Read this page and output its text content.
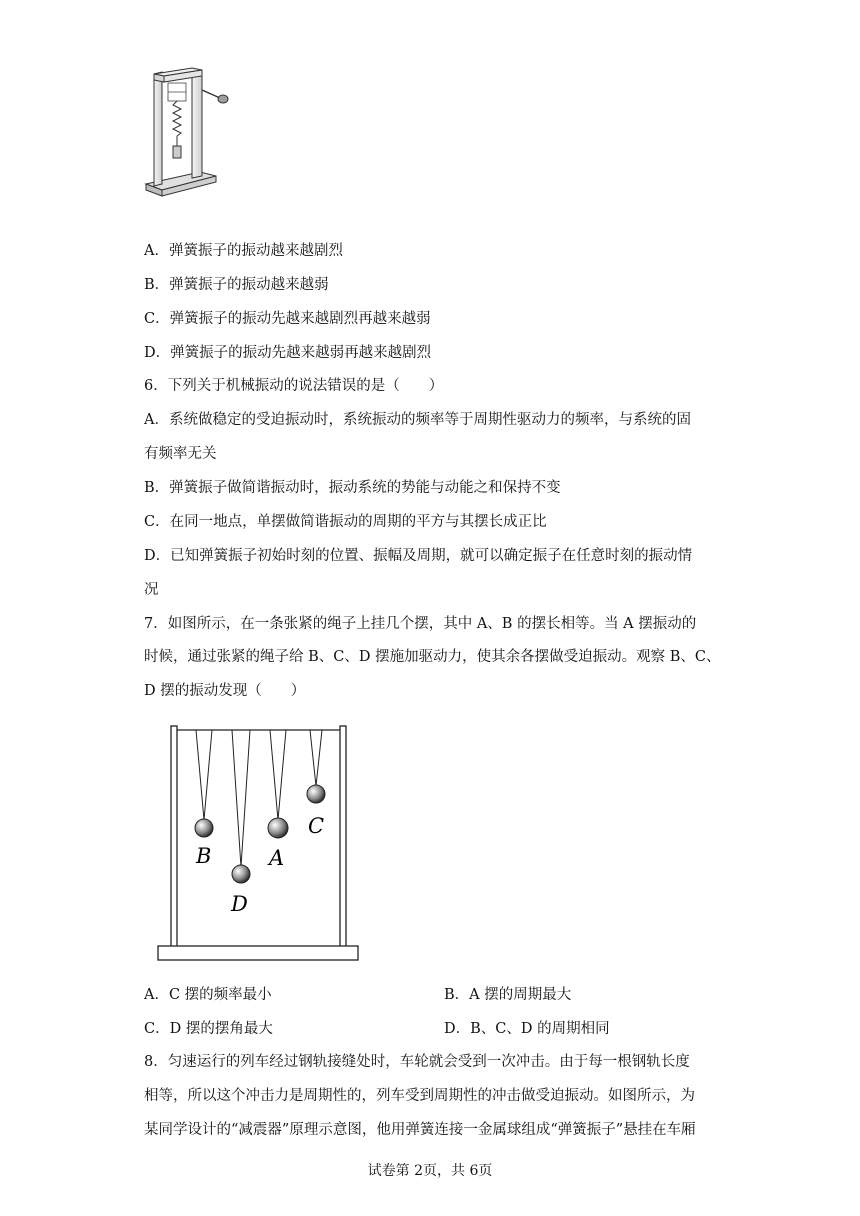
A．弹簧振子的振动越来越剧烈
B．弹簧振子的振动越来越弱
C．弹簧振子的振动先越来越剧烈再越来越弱
D．弹簧振子的振动先越来越弱再越来越剧烈
6．下列关于机械振动的说法错误的是（　　）
A．系统做稳定的受迫振动时，系统振动的频率等于周期性驱动力的频率，与系统的固
有频率无关
B．弹簧振子做简谐振动时，振动系统的势能与动能之和保持不变
C．在同一地点，单摆做简谐振动的周期的平方与其摆长成正比
D．已知弹簧振子初始时刻的位置、振幅及周期，就可以确定振子在任意时刻的振动情
况
7．如图所示，在一条张紧的绳子上挂几个摆，其中 A、B 的摆长相等。当 A 摆振动的
时候，通过张紧的绳子给 B、C、D 摆施加驱动力，使其余各摆做受迫振动。观察 B、C、
D 摆的振动发现（　　）
B
D
A
C
A．C 摆的频率最小	B．A 摆的周期最大
C．D 摆的摆角最大	D．B、C、D 的周期相同
8．匀速运行的列车经过钢轨接缝处时，车轮就会受到一次冲击。由于每一根钢轨长度
相等，所以这个冲击力是周期性的，列车受到周期性的冲击做受迫振动。如图所示，为
某同学设计的“减震器”原理示意图，他用弹簧连接一金属球组成“弹簧振子”悬挂在车厢
试卷第 2页，共 6页
